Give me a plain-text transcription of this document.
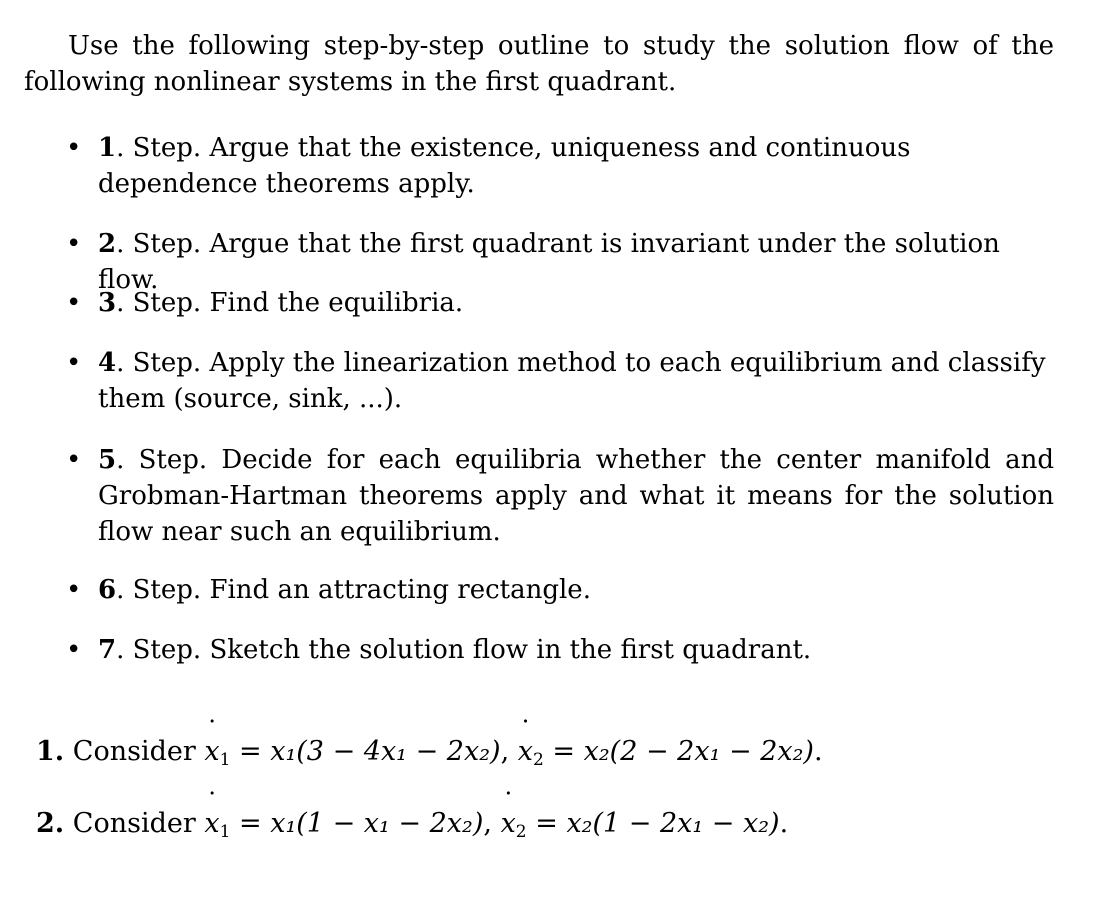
Use the following step-by-step outline to study the solution flow of the following nonlinear systems in the first quadrant.

• 1. Step. Argue that the existence, uniqueness and continuous dependence theorems apply.
• 2. Step. Argue that the first quadrant is invariant under the solution flow.
• 3. Step. Find the equilibria.
• 4. Step. Apply the linearization method to each equilibrium and classify them (source, sink, ...).
• 5. Step. Decide for each equilibria whether the center manifold and Grobman-Hartman theorems apply and what it means for the solution flow near such an equilibrium.
• 6. Step. Find an attracting rectangle.
• 7. Step. Sketch the solution flow in the first quadrant.

1. Consider ˙ $x_1 = x_1(3 - 4x_1 - 2x_2)$, ˙ $x_2 = x_2(2 - 2x_1 - 2x_2)$.

2. Consider ˙ $x_1 = x_1(1 - x_1 - 2x_2)$, ˙ $x_2 = x_2(1 - 2x_1 - x_2)$.
